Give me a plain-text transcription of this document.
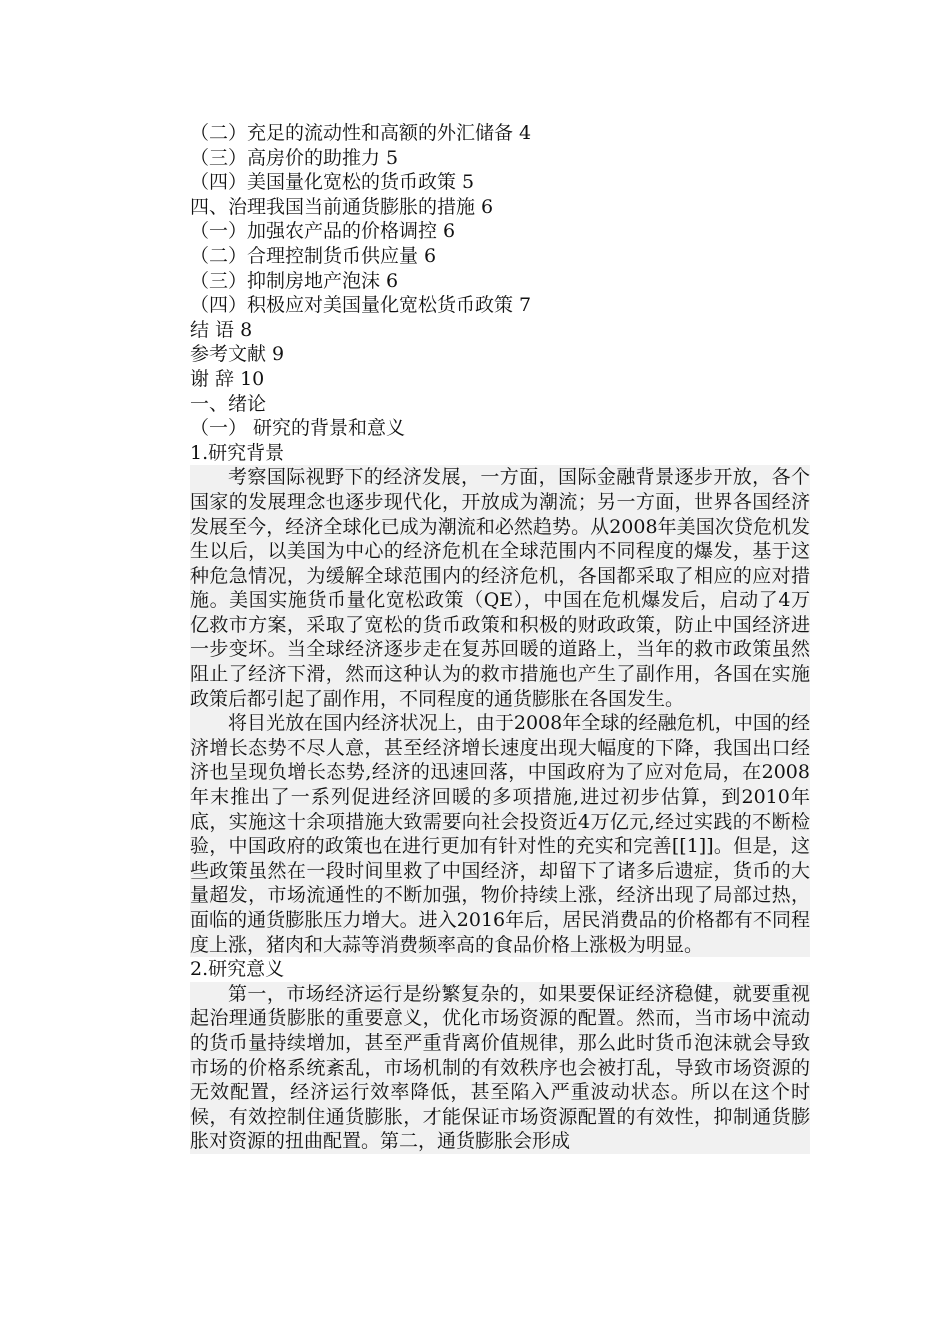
（二）充足的流动性和高额的外汇储备 4
（三）高房价的助推力 5
（四）美国量化宽松的货币政策 5
四、治理我国当前通货膨胀的措施 6
（一）加强农产品的价格调控 6
（二）合理控制货币供应量 6
（三）抑制房地产泡沫 6
（四）积极应对美国量化宽松货币政策 7
结 语 8
参考文献 9
谢 辞 10
一、绪论
（一） 研究的背景和意义
1.研究背景
考察国际视野下的经济发展，一方面，国际金融背景逐步开放，各个国家的发展理念也逐步现代化，开放成为潮流；另一方面，世界各国经济发展至今，经济全球化已成为潮流和必然趋势。从2008年美国次贷危机发生以后，以美国为中心的经济危机在全球范围内不同程度的爆发，基于这种危急情况，为缓解全球范围内的经济危机，各国都采取了相应的应对措施。美国实施货币量化宽松政策（QE），中国在危机爆发后，启动了4万亿救市方案，采取了宽松的货币政策和积极的财政政策，防止中国经济进一步变坏。当全球经济逐步走在复苏回暖的道路上，当年的救市政策虽然阻止了经济下滑，然而这种认为的救市措施也产生了副作用，各国在实施政策后都引起了副作用，不同程度的通货膨胀在各国发生。
将目光放在国内经济状况上，由于2008年全球的经融危机，中国的经济增长态势不尽人意，甚至经济增长速度出现大幅度的下降，我国出口经济也呈现负增长态势,经济的迅速回落，中国政府为了应对危局，在2008年末推出了一系列促进经济回暖的多项措施,进过初步估算，到2010年底，实施这十余项措施大致需要向社会投资近4万亿元,经过实践的不断检验，中国政府的政策也在进行更加有针对性的充实和完善[[1]]。但是，这些政策虽然在一段时间里救了中国经济，却留下了诸多后遗症，货币的大量超发，市场流通性的不断加强，物价持续上涨，经济出现了局部过热，面临的通货膨胀压力增大。进入2016年后，居民消费品的价格都有不同程度上涨，猪肉和大蒜等消费频率高的食品价格上涨极为明显。
2.研究意义
第一，市场经济运行是纷繁复杂的，如果要保证经济稳健，就要重视起治理通货膨胀的重要意义，优化市场资源的配置。然而，当市场中流动的货币量持续增加，甚至严重背离价值规律，那么此时货币泡沫就会导致市场的价格系统紊乱，市场机制的有效秩序也会被打乱，导致市场资源的无效配置，经济运行效率降低，甚至陷入严重波动状态。所以在这个时候，有效控制住通货膨胀，才能保证市场资源配置的有效性，抑制通货膨胀对资源的扭曲配置。第二，通货膨胀会形成
